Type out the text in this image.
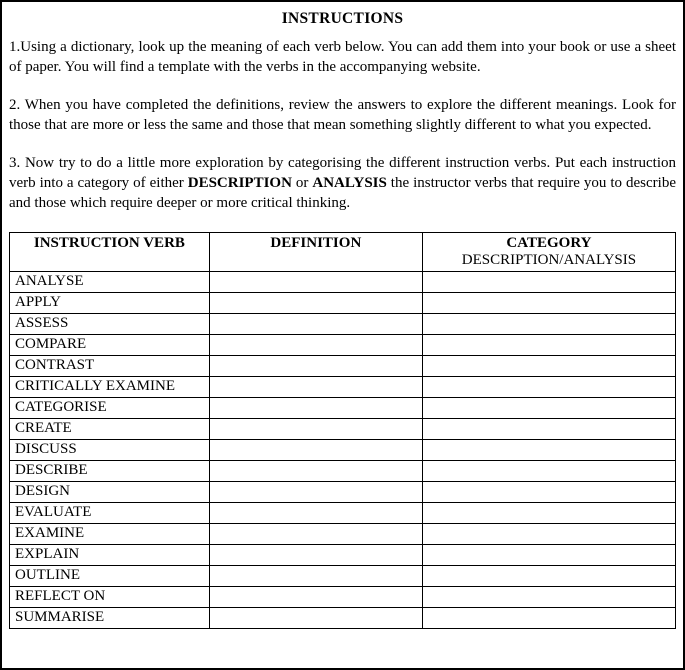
INSTRUCTIONS

1.Using a dictionary, look up the meaning of each verb below. You can add them into your book or use a sheet of paper. You will find a template with the verbs in the accompanying website.

2. When you have completed the definitions, review the answers to explore the different meanings. Look for those that are more or less the same and those that mean something slightly different to what you expected.

3. Now try to do a little more exploration by categorising the different instruction verbs. Put each instruction verb into a category of either DESCRIPTION or ANALYSIS the instructor verbs that require you to describe and those which require deeper or more critical thinking.

INSTRUCTION VERB	DEFINITION	CATEGORY
DESCRIPTION/ANALYSIS

ANALYSE		
APPLY		
ASSESS		
COMPARE		
CONTRAST		
CRITICALLY EXAMINE		
CATEGORISE		
CREATE		
DISCUSS		
DESCRIBE		
DESIGN		
EVALUATE		
EXAMINE		
EXPLAIN		
OUTLINE		
REFLECT ON		
SUMMARISE		
